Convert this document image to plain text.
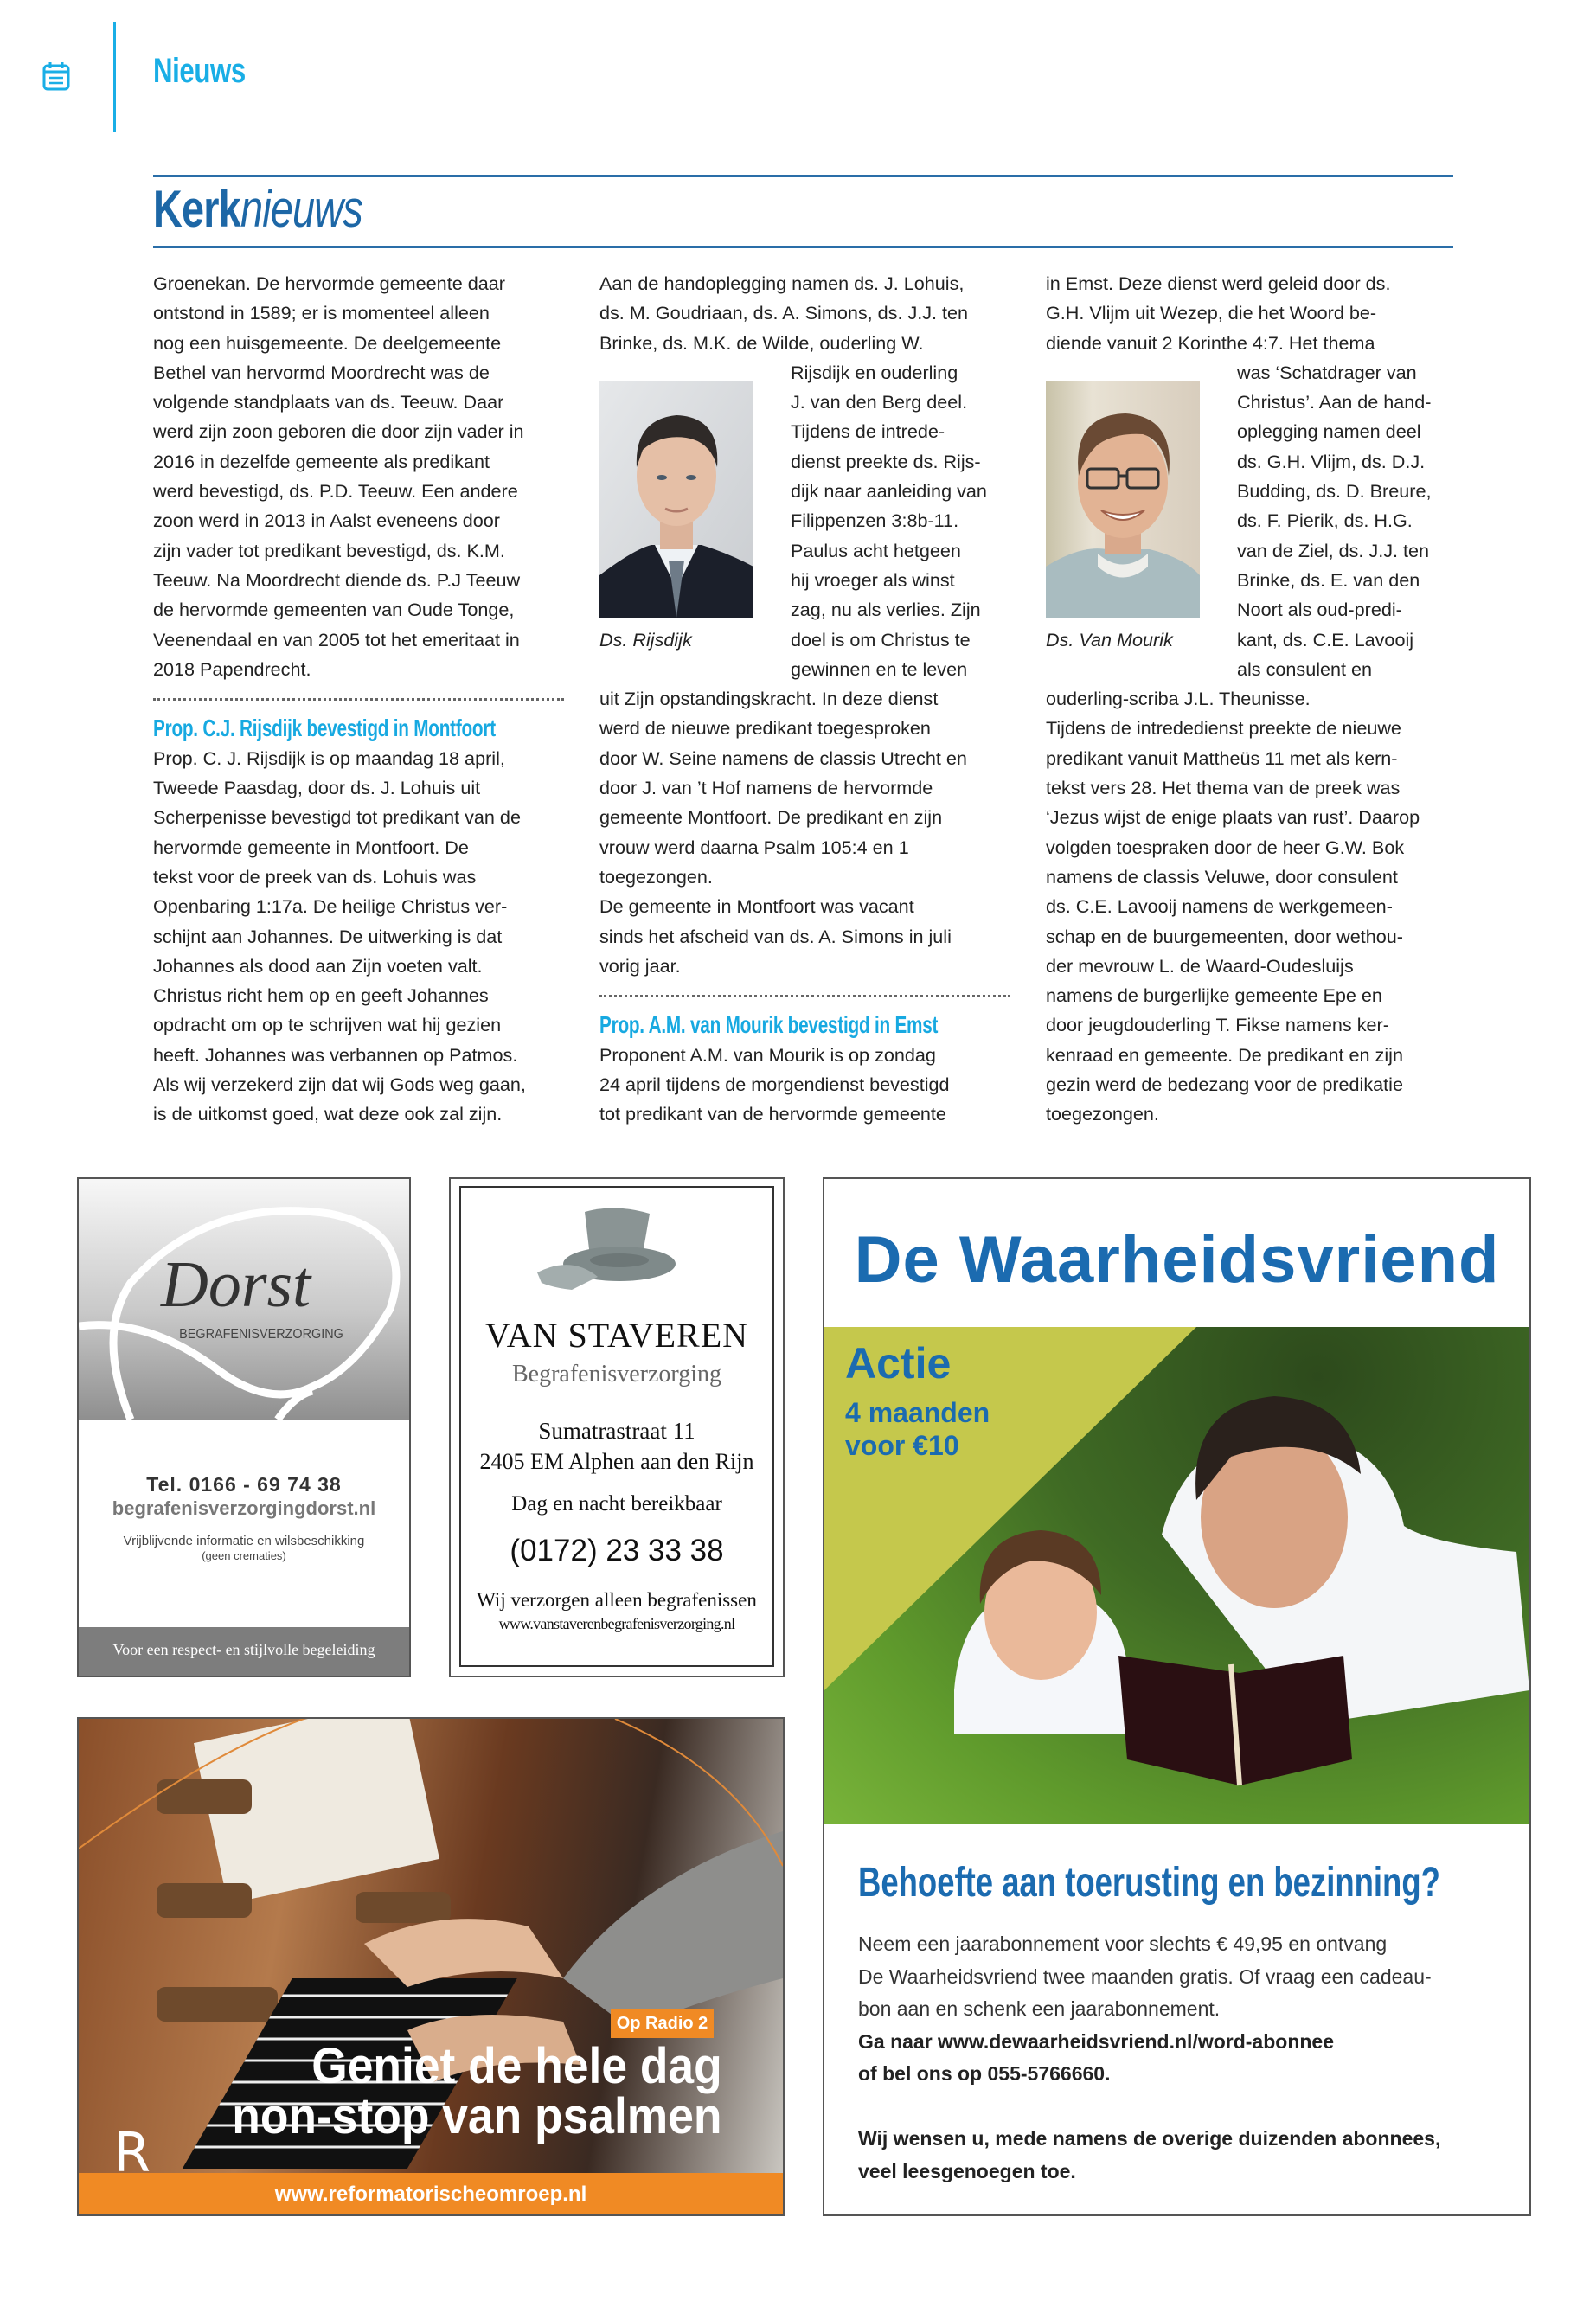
Nieuws
Kerknieuws
Groenekan. De hervormde gemeente daar
ontstond in 1589; er is momenteel alleen
nog een huisgemeente. De deelgemeente
Bethel van hervormd Moordrecht was de
volgende standplaats van ds. Teeuw. Daar
werd zijn zoon geboren die door zijn vader in
2016 in dezelfde gemeente als predikant
werd bevestigd, ds. P.D. Teeuw. Een andere
zoon werd in 2013 in Aalst eveneens door
zijn vader tot predikant bevestigd, ds. K.M.
Teeuw. Na Moordrecht diende ds. P.J Teeuw
de hervormde gemeenten van Oude Tonge,
Veenendaal en van 2005 tot het emeritaat in
2018 Papendrecht.
Prop. C.J. Rijsdijk bevestigd in Montfoort
Prop. C. J. Rijsdijk is op maandag 18 april,
Tweede Paasdag, door ds. J. Lohuis uit
Scherpenisse bevestigd tot predikant van de
hervormde gemeente in Montfoort. De
tekst voor de preek van ds. Lohuis was
Openbaring 1:17a. De heilige Christus ver-
schijnt aan Johannes. De uitwerking is dat
Johannes als dood aan Zijn voeten valt.
Christus richt hem op en geeft Johannes
opdracht om op te schrijven wat hij gezien
heeft. Johannes was verbannen op Patmos.
Als wij verzekerd zijn dat wij Gods weg gaan,
is de uitkomst goed, wat deze ook zal zijn.
Aan de handoplegging namen ds. J. Lohuis,
ds. M. Goudriaan, ds. A. Simons, ds. J.J. ten
Brinke, ds. M.K. de Wilde, ouderling W.
Rijsdijk en ouderling
J. van den Berg deel.
Tijdens de intrede-
dienst preekte ds. Rijs-
dijk naar aanleiding van
Filippenzen 3:8b-11.
Paulus acht hetgeen
hij vroeger als winst
zag, nu als verlies. Zijn
doel is om Christus te
gewinnen en te leven
uit Zijn opstandingskracht. In deze dienst
werd de nieuwe predikant toegesproken
door W. Seine namens de classis Utrecht en
door J. van ’t Hof namens de hervormde
gemeente Montfoort. De predikant en zijn
vrouw werd daarna Psalm 105:4 en 1
toegezongen.
De gemeente in Montfoort was vacant
sinds het afscheid van ds. A. Simons in juli
vorig jaar.
Prop. A.M. van Mourik bevestigd in Emst
Proponent A.M. van Mourik is op zondag
24 april tijdens de morgendienst bevestigd
tot predikant van de hervormde gemeente
Ds. Rijsdijk
in Emst. Deze dienst werd geleid door ds.
G.H. Vlijm uit Wezep, die het Woord be-
diende vanuit 2 Korinthe 4:7. Het thema
was ‘Schatdrager van
Christus’. Aan de hand-
oplegging namen deel
ds. G.H. Vlijm, ds. D.J.
Budding, ds. D. Breure,
ds. F. Pierik, ds. H.G.
van de Ziel, ds. J.J. ten
Brinke, ds. E. van den
Noort als oud-predi-
kant, ds. C.E. Lavooij
als consulent en
ouderling-scriba J.L. Theunisse.
Tijdens de intrededienst preekte de nieuwe
predikant vanuit Mattheüs 11 met als kern-
tekst vers 28. Het thema van de preek was
‘Jezus wijst de enige plaats van rust’. Daarop
volgden toespraken door de heer G.W. Bok
namens de classis Veluwe, door consulent
ds. C.E. Lavooij namens de werkgemeen-
schap en de buurgemeenten, door wethou-
der mevrouw L. de Waard-Oudesluijs
namens de burgerlijke gemeente Epe en
door jeugdouderling T. Fikse namens ker-
kenraad en gemeente. De predikant en zijn
gezin werd de bedezang voor de predikatie
toegezongen.
Ds. Van Mourik
Dorst
BEGRAFENISVERZORGING
Tel. 0166 - 69 74 38
begrafenisverzorgingdorst.nl
Vrijblijvende informatie en wilsbeschikking
(geen crematies)
Voor een respect- en stijlvolle begeleiding
VAN STAVEREN
Begrafenisverzorging
Sumatrastraat 11
2405 EM Alphen aan den Rijn
Dag en nacht bereikbaar
(0172) 23 33 38
Wij verzorgen alleen begrafenissen
www.vanstaverenbegrafenisverzorging.nl
Op Radio 2
Geniet de hele dag
non-stop van psalmen
www.reformatorischeomroep.nl
R
De Waarheidsvriend
Actie
4 maanden voor €10
Behoefte aan toerusting en bezinning?
Neem een jaarabonnement voor slechts € 49,95 en ontvang
De Waarheidsvriend twee maanden gratis. Of vraag een cadeau-
bon aan en schenk een jaarabonnement.
Ga naar www.dewaarheidsvriend.nl/word-abonnee
of bel ons op 055-5766660.
Wij wensen u, mede namens de overige duizenden abonnees,
veel leesgenoegen toe.
